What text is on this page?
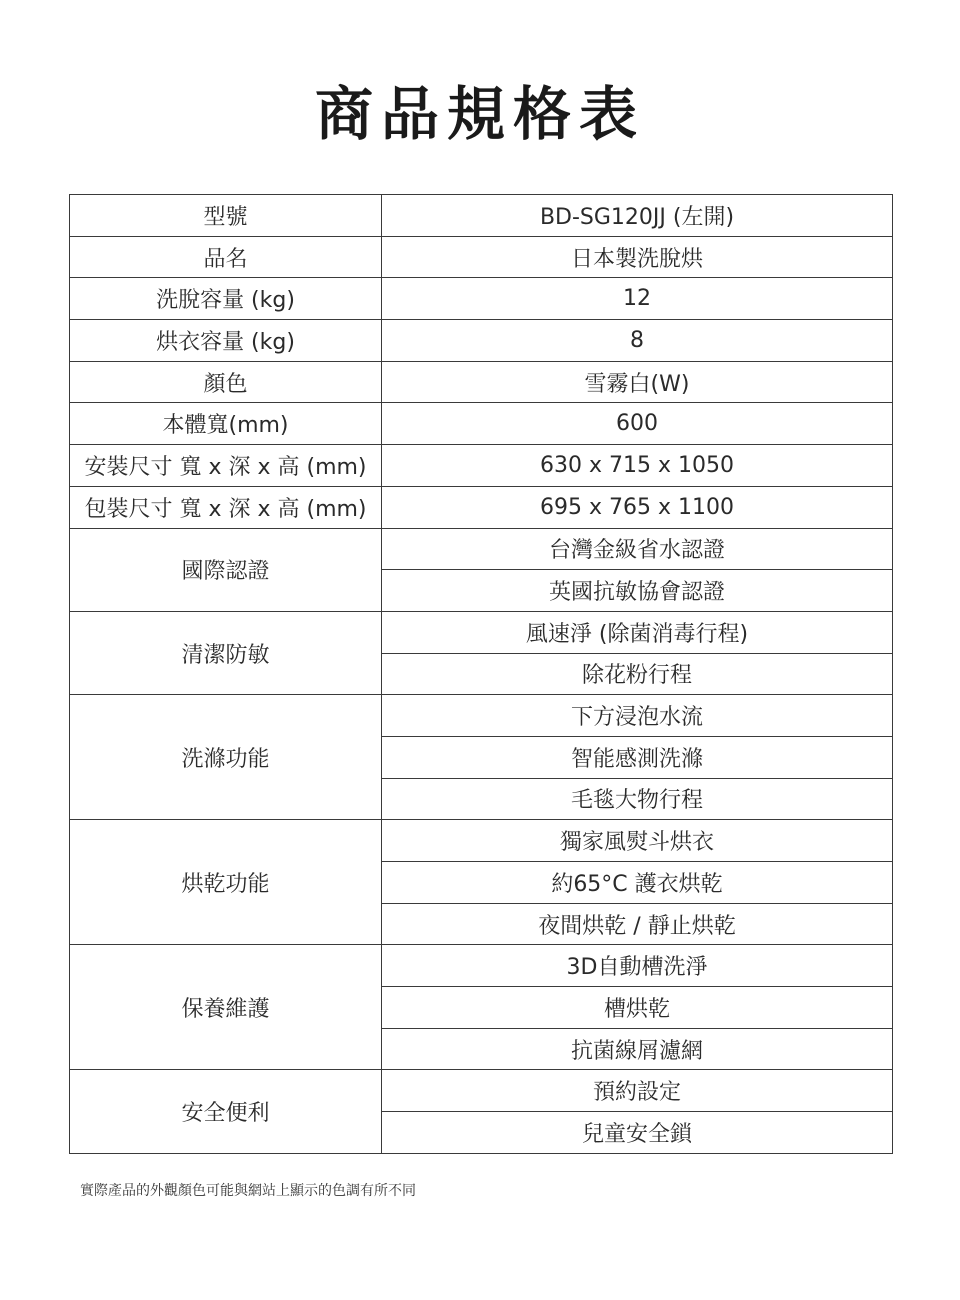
商品規格表
型號	BD-SG120JJ (左開)
品名	日本製洗脫烘
洗脫容量 (kg)	12
烘衣容量 (kg)	8
顏色	雪霧白(W)
本體寬(mm)	600
安裝尺寸 寬 x 深 x 高 (mm)	630 x 715 x 1050
包裝尺寸 寬 x 深 x 高 (mm)	695 x 765 x 1100
國際認證	台灣金級省水認證
	英國抗敏協會認證
清潔防敏	風速淨 (除菌消毒行程)
	除花粉行程
洗滌功能	下方浸泡水流
	智能感測洗滌
	毛毯大物行程
烘乾功能	獨家風熨斗烘衣
	約65°C 護衣烘乾
	夜間烘乾 / 靜止烘乾
保養維護	3D自動槽洗淨
	槽烘乾
	抗菌線屑濾網
安全便利	預約設定
	兒童安全鎖
實際產品的外觀顏色可能與網站上顯示的色調有所不同
